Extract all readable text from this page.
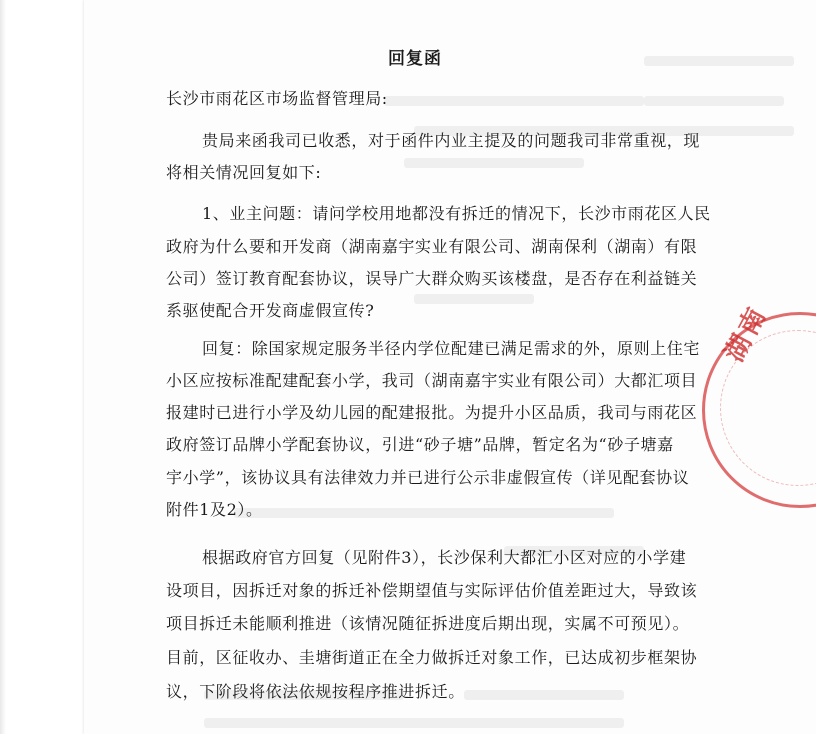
回复函
长沙市雨花区市场监督管理局:
贵局来函我司已收悉，对于函件内业主提及的问题我司非常重视，现
将相关情况回复如下:
1、业主问题：请问学校用地都没有拆迁的情况下，长沙市雨花区人民
政府为什么要和开发商（湖南嘉宇实业有限公司、湖南保利（湖南）有限
公司）签订教育配套协议，误导广大群众购买该楼盘，是否存在利益链关
系驱使配合开发商虚假宣传?
回复：除国家规定服务半径内学位配建已满足需求的外，原则上住宅
小区应按标准配建配套小学，我司（湖南嘉宇实业有限公司）大都汇项目
报建时已进行小学及幼儿园的配建报批。为提升小区品质，我司与雨花区
政府签订品牌小学配套协议，引进“砂子塘”品牌，暂定名为“砂子塘嘉
宇小学”，该协议具有法律效力并已进行公示非虚假宣传（详见配套协议
附件1及2）。
根据政府官方回复（见附件3），长沙保利大都汇小区对应的小学建
设项目，因拆迁对象的拆迁补偿期望值与实际评估价值差距过大，导致该
项目拆迁未能顺利推进（该情况随征拆进度后期出现，实属不可预见）。
目前，区征收办、圭塘街道正在全力做拆迁对象工作，已达成初步框架协
议，下阶段将依法依规按程序推进拆迁。
湖南
